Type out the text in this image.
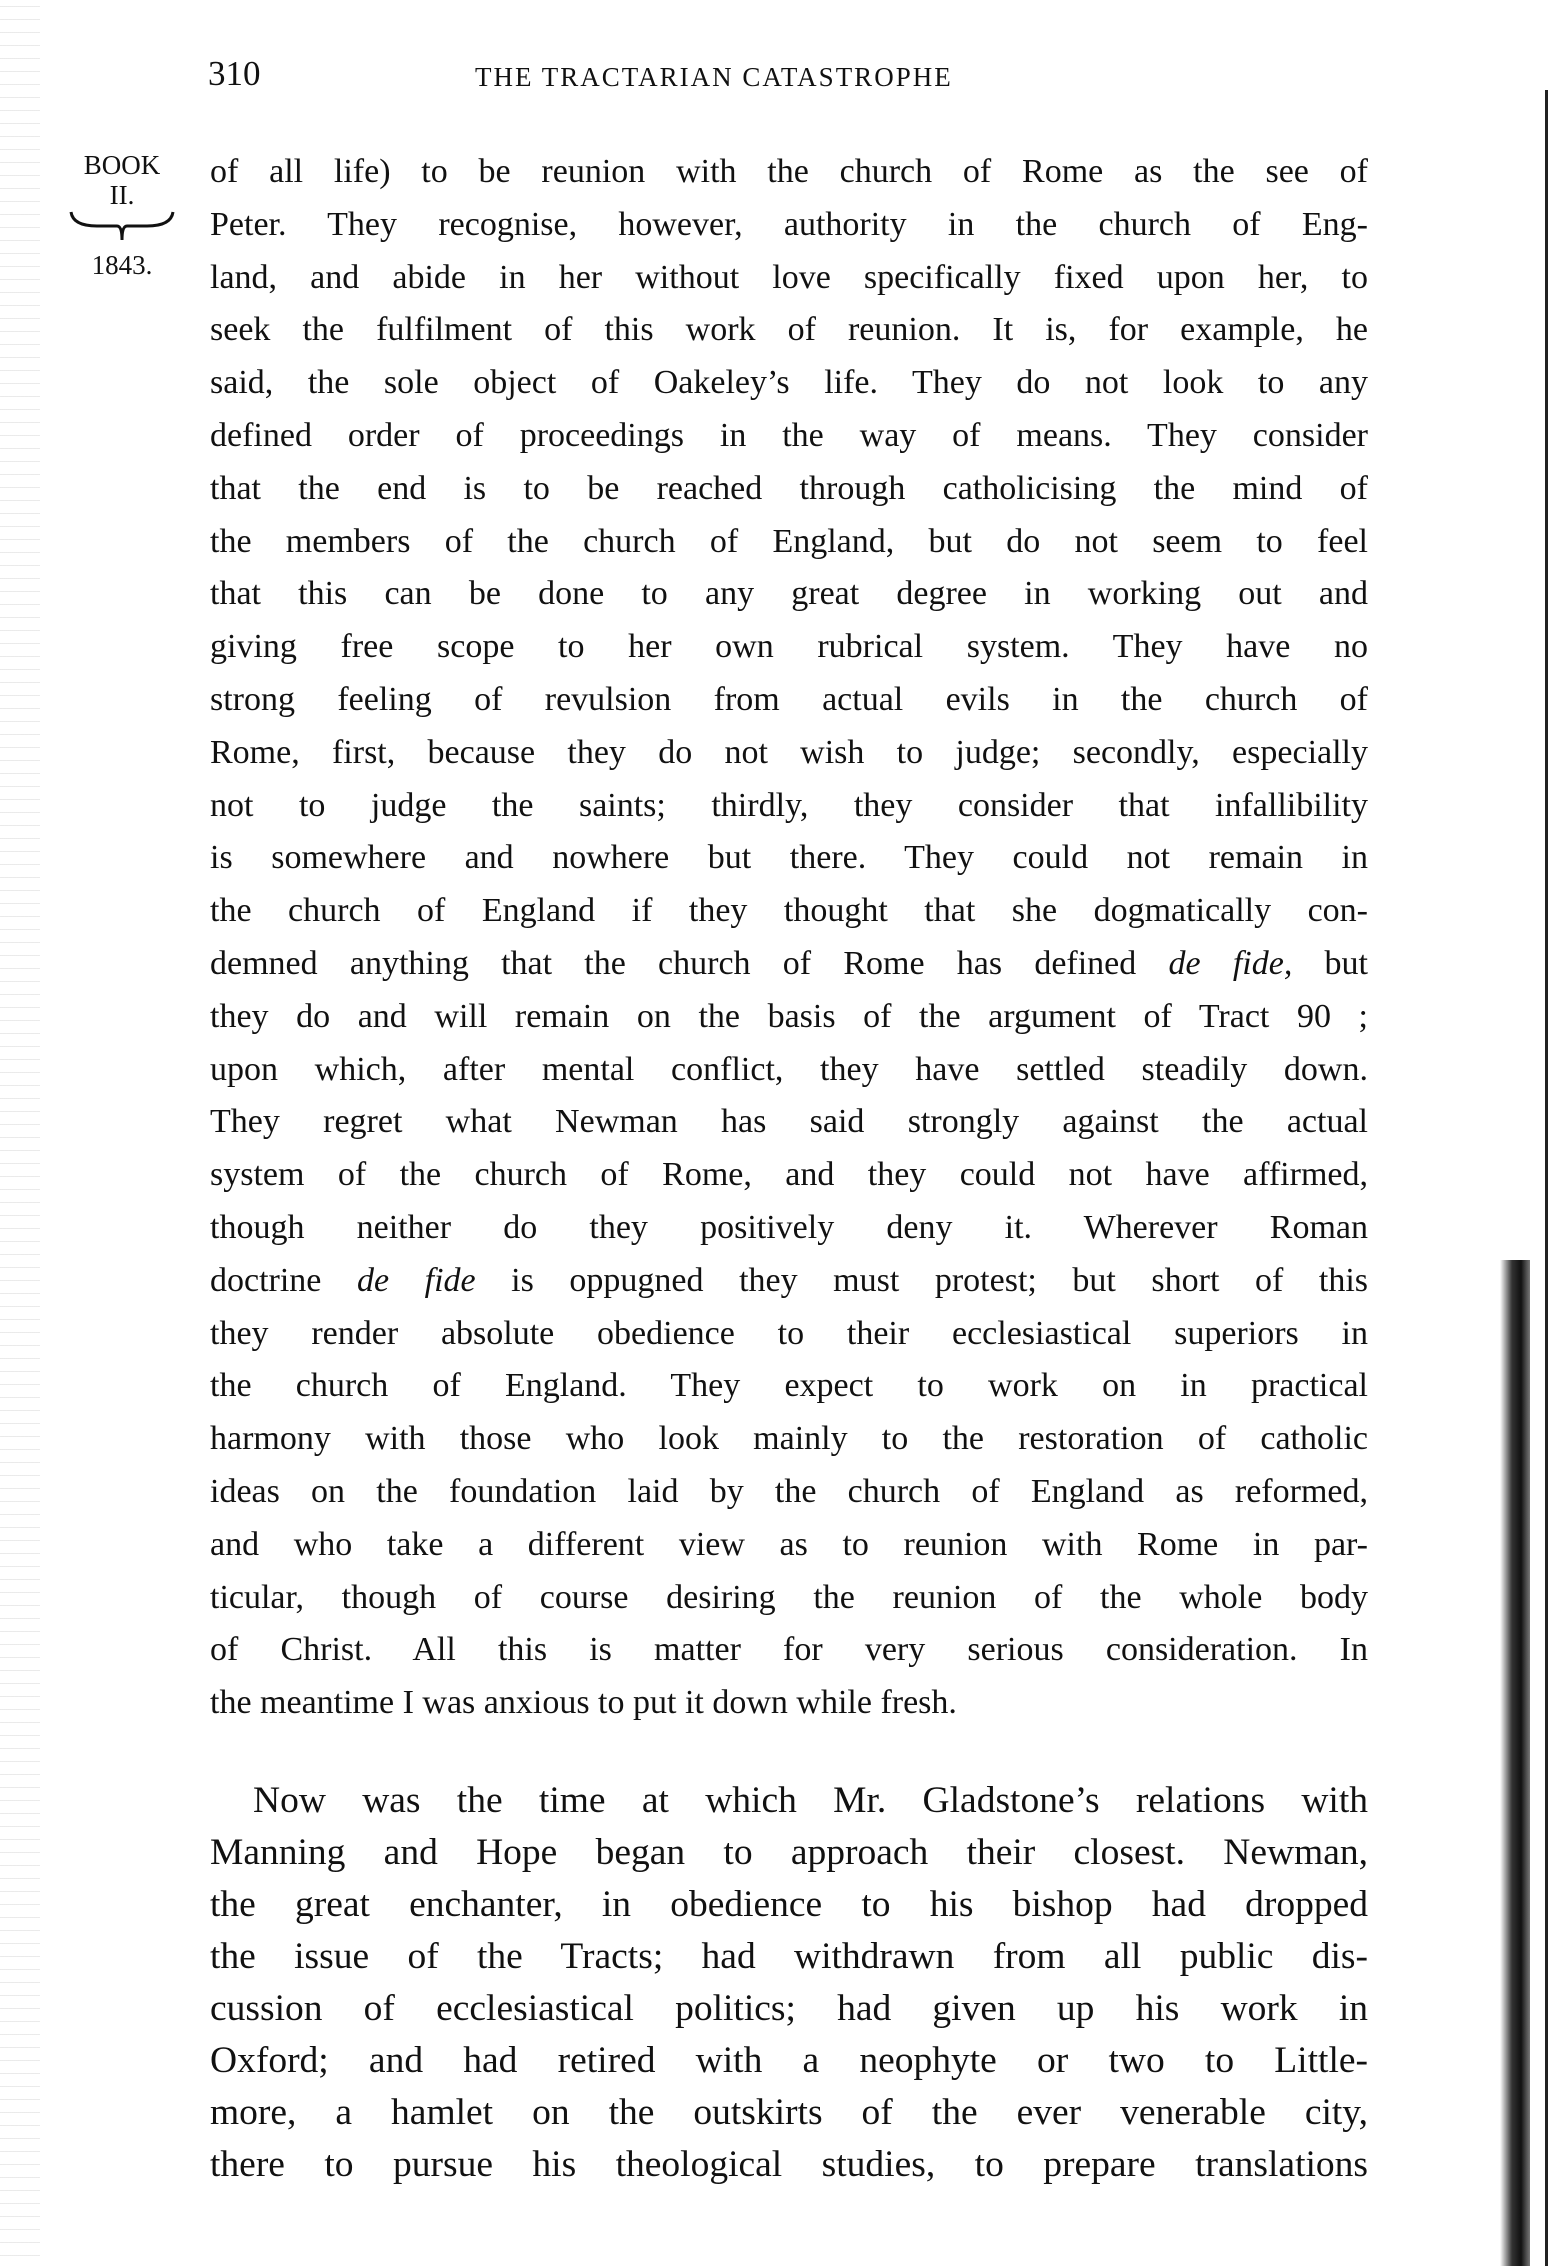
310	THE TRACTARIAN CATASTROPHE
BOOK
II.
1843.
of all life) to be reunion with the church of Rome as the see of
Peter. They recognise, however, authority in the church of Eng-
land, and abide in her without love specifically fixed upon her, to
seek the fulfilment of this work of reunion. It is, for example, he
said, the sole object of Oakeley’s life. They do not look to any
defined order of proceedings in the way of means. They consider
that the end is to be reached through catholicising the mind of
the members of the church of England, but do not seem to feel
that this can be done to any great degree in working out and
giving free scope to her own rubrical system. They have no
strong feeling of revulsion from actual evils in the church of
Rome, first, because they do not wish to judge; secondly, especially
not to judge the saints; thirdly, they consider that infallibility
is somewhere and nowhere but there. They could not remain in
the church of England if they thought that she dogmatically con-
demned anything that the church of Rome has defined de fide, but
they do and will remain on the basis of the argument of Tract 90 ;
upon which, after mental conflict, they have settled steadily down.
They regret what Newman has said strongly against the actual
system of the church of Rome, and they could not have affirmed,
though neither do they positively deny it. Wherever Roman
doctrine de fide is oppugned they must protest; but short of this
they render absolute obedience to their ecclesiastical superiors in
the church of England. They expect to work on in practical
harmony with those who look mainly to the restoration of catholic
ideas on the foundation laid by the church of England as reformed,
and who take a different view as to reunion with Rome in par-
ticular, though of course desiring the reunion of the whole body
of Christ. All this is matter for very serious consideration. In
the meantime I was anxious to put it down while fresh.
Now was the time at which Mr. Gladstone’s relations with
Manning and Hope began to approach their closest. Newman,
the great enchanter, in obedience to his bishop had dropped
the issue of the Tracts; had withdrawn from all public dis-
cussion of ecclesiastical politics; had given up his work in
Oxford; and had retired with a neophyte or two to Little-
more, a hamlet on the outskirts of the ever venerable city,
there to pursue his theological studies, to prepare translations
